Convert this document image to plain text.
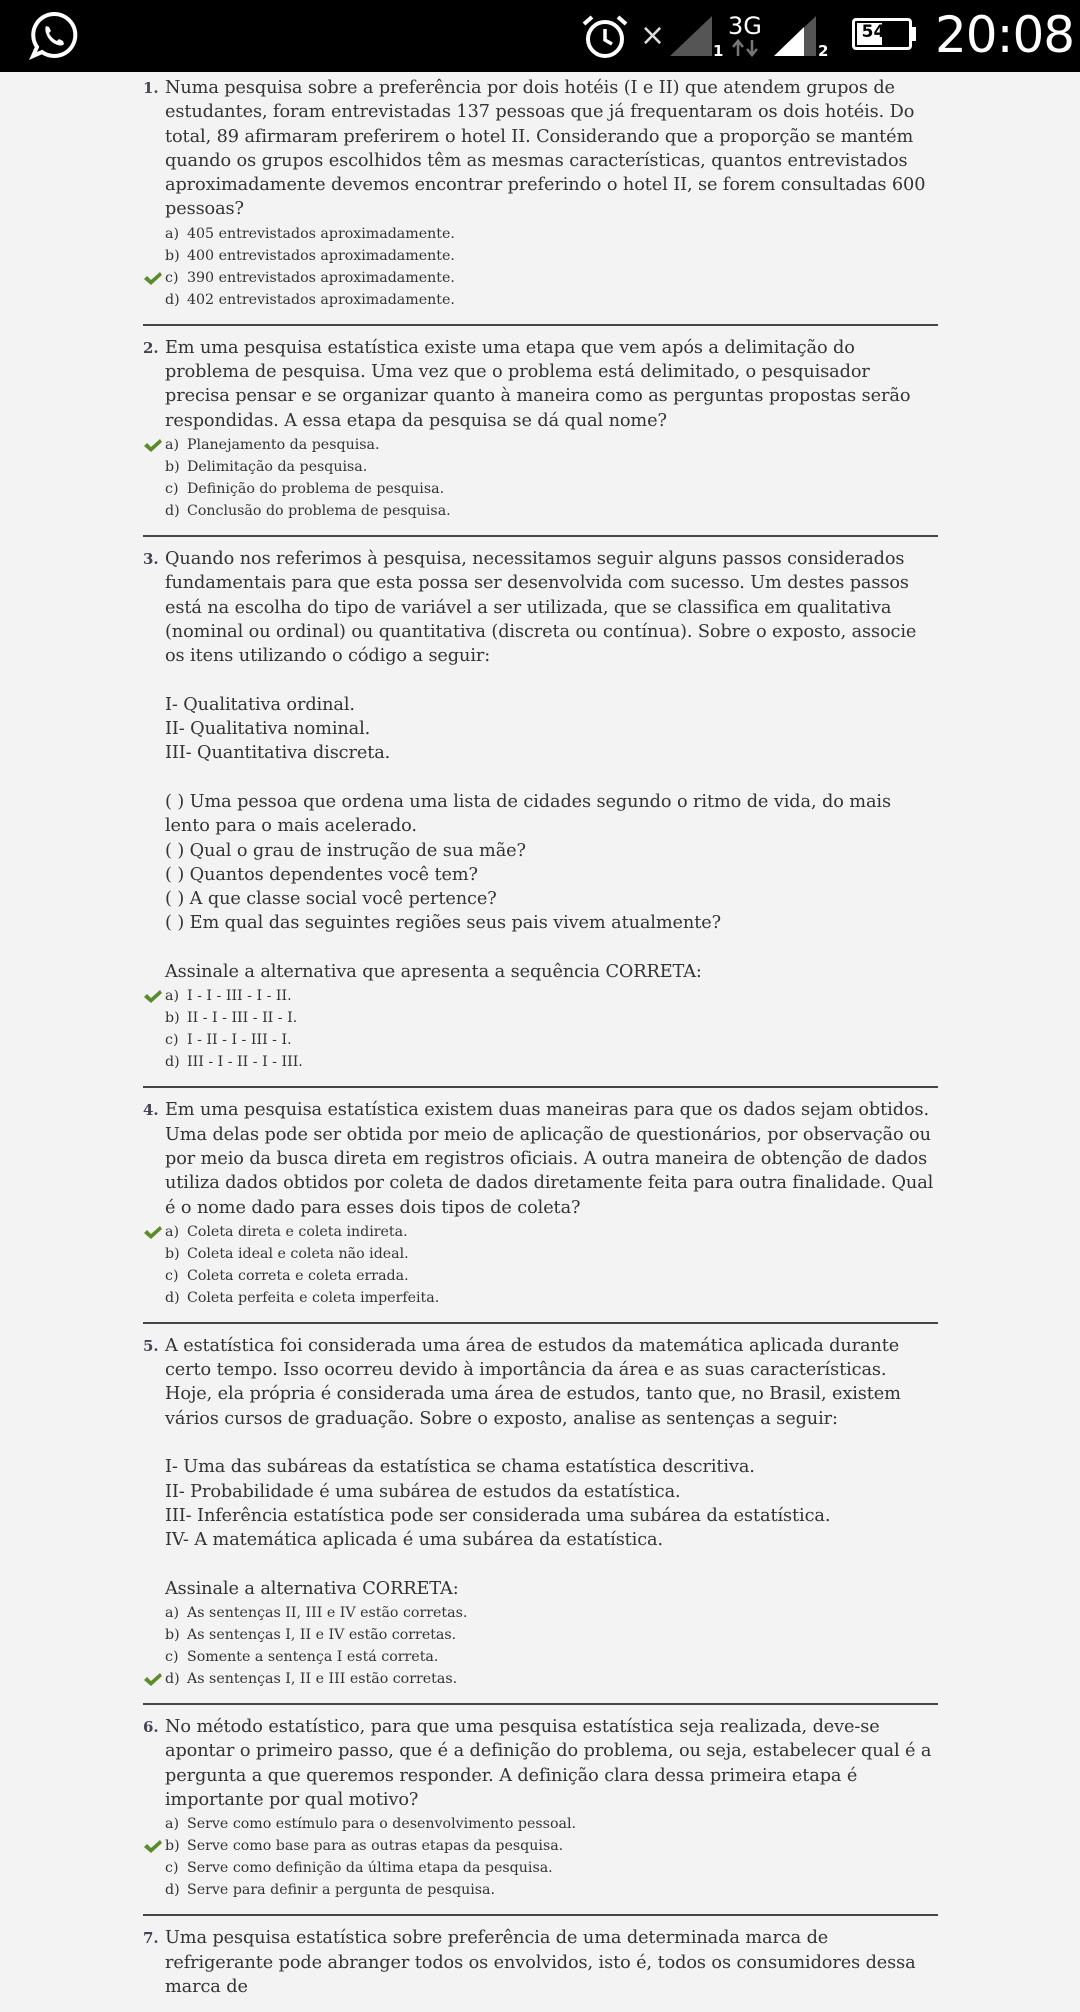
×	1
3G
2
54% 20:08
1. Numa pesquisa sobre a preferência por dois hotéis (I e II) que atendem grupos de estudantes, foram entrevistadas 137 pessoas que já frequentaram os dois hotéis. Do total, 89 afirmaram preferirem o hotel II. Considerando que a proporção se mantém quando os grupos escolhidos têm as mesmas características, quantos entrevistados aproximadamente devemos encontrar preferindo o hotel II, se forem consultadas 600 pessoas?
a) 405 entrevistados aproximadamente.
b) 400 entrevistados aproximadamente.
c) 390 entrevistados aproximadamente.
d) 402 entrevistados aproximadamente.
2. Em uma pesquisa estatística existe uma etapa que vem após a delimitação do problema de pesquisa. Uma vez que o problema está delimitado, o pesquisador precisa pensar e se organizar quanto à maneira como as perguntas propostas serão respondidas. A essa etapa da pesquisa se dá qual nome?
a) Planejamento da pesquisa.
b) Delimitação da pesquisa.
c) Definição do problema de pesquisa.
d) Conclusão do problema de pesquisa.
3. Quando nos referimos à pesquisa, necessitamos seguir alguns passos considerados fundamentais para que esta possa ser desenvolvida com sucesso. Um destes passos está na escolha do tipo de variável a ser utilizada, que se classifica em qualitativa (nominal ou ordinal) ou quantitativa (discreta ou contínua). Sobre o exposto, associe os itens utilizando o código a seguir:

I- Qualitativa ordinal.
II- Qualitativa nominal.
III- Quantitativa discreta.

( ) Uma pessoa que ordena uma lista de cidades segundo o ritmo de vida, do mais lento para o mais acelerado.
( ) Qual o grau de instrução de sua mãe?
( ) Quantos dependentes você tem?
( ) A que classe social você pertence?
( ) Em qual das seguintes regiões seus pais vivem atualmente?

Assinale a alternativa que apresenta a sequência CORRETA:
a) I - I - III - I - II.
b) II - I - III - II - I.
c) I - II - I - III - I.
d) III - I - II - I - III.
4. Em uma pesquisa estatística existem duas maneiras para que os dados sejam obtidos. Uma delas pode ser obtida por meio de aplicação de questionários, por observação ou por meio da busca direta em registros oficiais. A outra maneira de obtenção de dados utiliza dados obtidos por coleta de dados diretamente feita para outra finalidade. Qual é o nome dado para esses dois tipos de coleta?
a) Coleta direta e coleta indireta.
b) Coleta ideal e coleta não ideal.
c) Coleta correta e coleta errada.
d) Coleta perfeita e coleta imperfeita.
5. A estatística foi considerada uma área de estudos da matemática aplicada durante certo tempo. Isso ocorreu devido à importância da área e as suas características. Hoje, ela própria é considerada uma área de estudos, tanto que, no Brasil, existem vários cursos de graduação. Sobre o exposto, analise as sentenças a seguir:

I- Uma das subáreas da estatística se chama estatística descritiva.
II- Probabilidade é uma subárea de estudos da estatística.
III- Inferência estatística pode ser considerada uma subárea da estatística.
IV- A matemática aplicada é uma subárea da estatística.

Assinale a alternativa CORRETA:
a) As sentenças II, III e IV estão corretas.
b) As sentenças I, II e IV estão corretas.
c) Somente a sentença I está correta.
d) As sentenças I, II e III estão corretas.
6. No método estatístico, para que uma pesquisa estatística seja realizada, deve-se apontar o primeiro passo, que é a definição do problema, ou seja, estabelecer qual é a pergunta a que queremos responder. A definição clara dessa primeira etapa é importante por qual motivo?
a) Serve como estímulo para o desenvolvimento pessoal.
b) Serve como base para as outras etapas da pesquisa.
c) Serve como definição da última etapa da pesquisa.
d) Serve para definir a pergunta de pesquisa.
7. Uma pesquisa estatística sobre preferência de uma determinada marca de refrigerante pode abranger todos os envolvidos, isto é, todos os consumidores dessa marca de
